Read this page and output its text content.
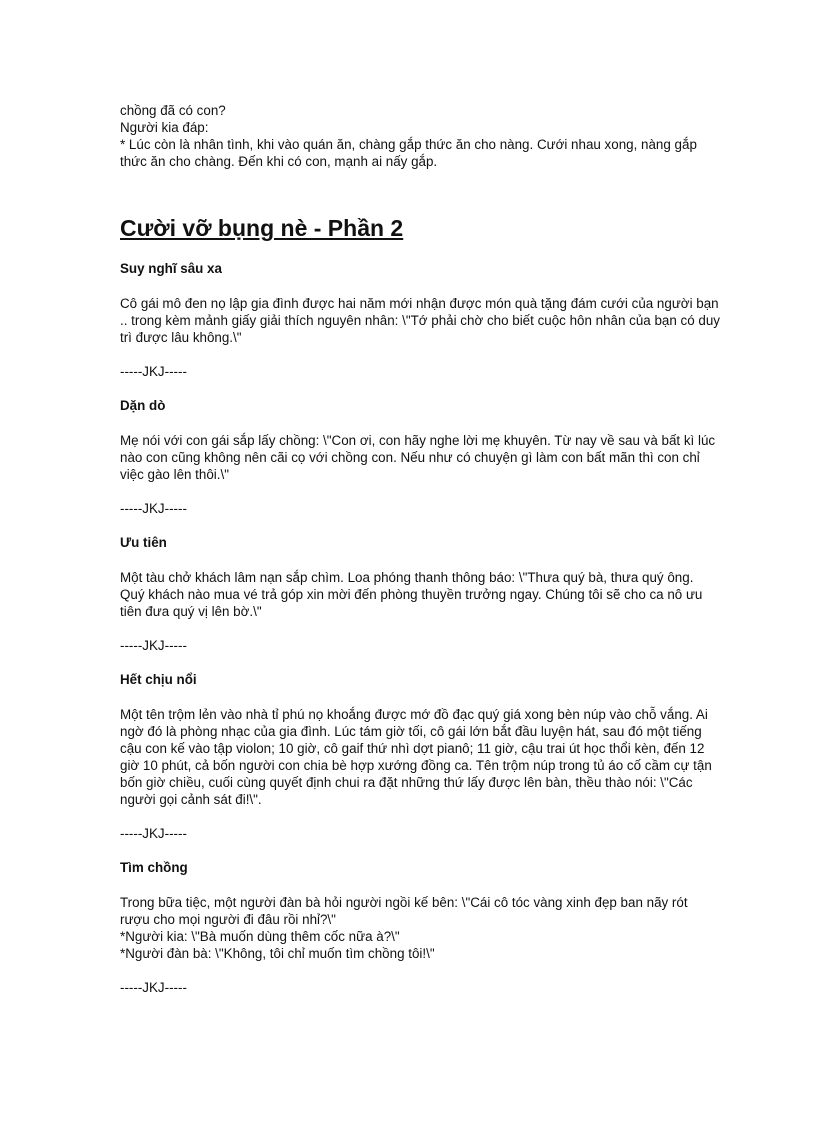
chồng đã có con?

Người kia đáp:

* Lúc còn là nhân tình, khi vào quán ăn, chàng gắp thức ăn cho nàng. Cưới nhau xong, nàng gắp thức ăn cho chàng. Đến khi có con, mạnh ai nấy gắp.

Cười vỡ bụng nè - Phần 2
Suy nghĩ sâu xa

Cô gái mô đen nọ lập gia đình được hai năm mới nhận được món quà tặng đám cưới của người bạn .. trong kèm mảnh giấy giải thích nguyên nhân: \"Tớ phải chờ cho biết cuộc hôn nhân của bạn có duy trì được lâu không.\"

-----JKJ-----

Dặn dò

Mẹ nói với con gái sắp lấy chồng: \"Con ơi, con hãy nghe lời mẹ khuyên. Từ nay về sau và bất kì lúc nào con cũng không nên cãi cọ với chồng con. Nếu như có chuyện gì làm con bất mãn thì con chỉ việc gào lên thôi.\"

-----JKJ-----

Ưu tiên

Một tàu chở khách lâm nạn sắp chìm. Loa phóng thanh thông báo: \"Thưa quý bà, thưa quý ông. Quý khách nào mua vé trả góp xin mời đến phòng thuyền trưởng ngay. Chúng tôi sẽ cho ca nô ưu tiên đưa quý vị lên bờ.\"

-----JKJ-----

Hết chịu nổi

Một tên trộm lẻn vào nhà tỉ phú nọ khoắng được mớ đồ đạc quý giá xong bèn núp vào chỗ vắng. Ai ngờ đó là phòng nhạc của gia đình. Lúc tám giờ tối, cô gái lớn bắt đầu luyện hát, sau đó một tiếng cậu con kế vào tập violon; 10 giờ, cô gaif thứ nhì dợt pianô; 11 giờ, cậu trai út học thổi kèn, đến 12 giờ 10 phút, cả bốn người con chia bè hợp xướng đồng ca. Tên trộm núp trong tủ áo cố cầm cự tận bốn giờ chiều, cuối cùng quyết định chui ra đặt những thứ lấy được lên bàn, thều thào nói: \"Các người gọi cảnh sát đi!\".

-----JKJ-----

Tìm chồng

Trong bữa tiệc, một người đàn bà hỏi người ngồi kế bên: \"Cái cô tóc vàng xinh đẹp ban nãy rót rượu cho mọi người đi đâu rồi nhỉ?\"

*Người kia: \"Bà muốn dùng thêm cốc nữa à?\"

*Người đàn bà: \"Không, tôi chỉ muốn tìm chồng tôi!\"

-----JKJ-----
